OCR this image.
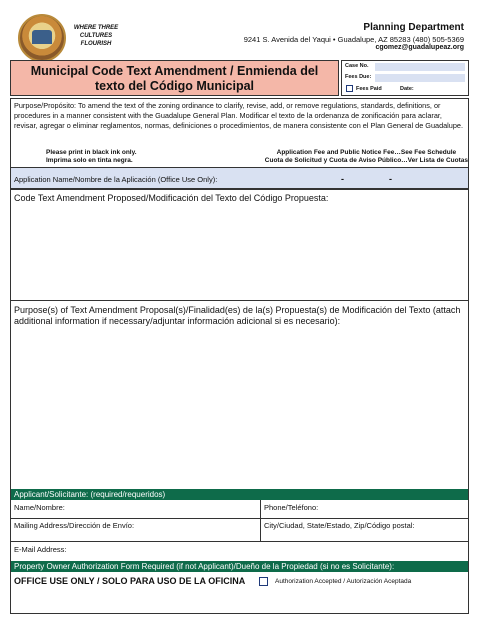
WHERE THREE CULTURES FLOURISH
Planning Department
9241 S. Avenida del Yaqui • Guadalupe, AZ 85283 (480) 505-5369
cgomez@guadalupeaz.org
Municipal Code Text Amendment / Enmienda del
texto del Código Municipal
Case No.
Fees Due:
Fees Paid	Date:
Purpose/Propósito: To amend the text of the zoning ordinance to clarify, revise, add, or remove regulations, standards, definitions, or procedures in a manner consistent with the Guadalupe General Plan. Modificar el texto de la ordenanza de zonificación para aclarar, revisar, agregar o eliminar reglamentos, normas, definiciones o procedimientos, de manera consistente con el Plan General de Guadalupe.
Please print in black ink only.
Imprima solo en tinta negra.
Application Fee and Public Notice Fee…See Fee Schedule
Cuota de Solicitud y Cuota de Aviso Público…Ver Lista de Cuotas
Application Name/Nombre de la Aplicación (Office Use Only):	-	-
Code Text Amendment Proposed/Modificación del Texto del Código Propuesta:
Purpose(s) of Text Amendment Proposal(s)/Finalidad(es) de la(s) Propuesta(s) de Modificación del Texto (attach additional information if necessary/adjuntar información adicional si es necesario):
Applicant/Solicitante: (required/requeridos)
Name/Nombre:	Phone/Teléfono:
Mailing Address/Dirección de Envío:	City/Ciudad, State/Estado, Zip/Código postal:
E-Mail Address:
Property Owner Authorization Form Required (if not Applicant)/Dueño de la Propiedad (si no es Solicitante):
OFFICE USE ONLY / SOLO PARA USO DE LA OFICINA	Authorization Accepted / Autorización Aceptada
